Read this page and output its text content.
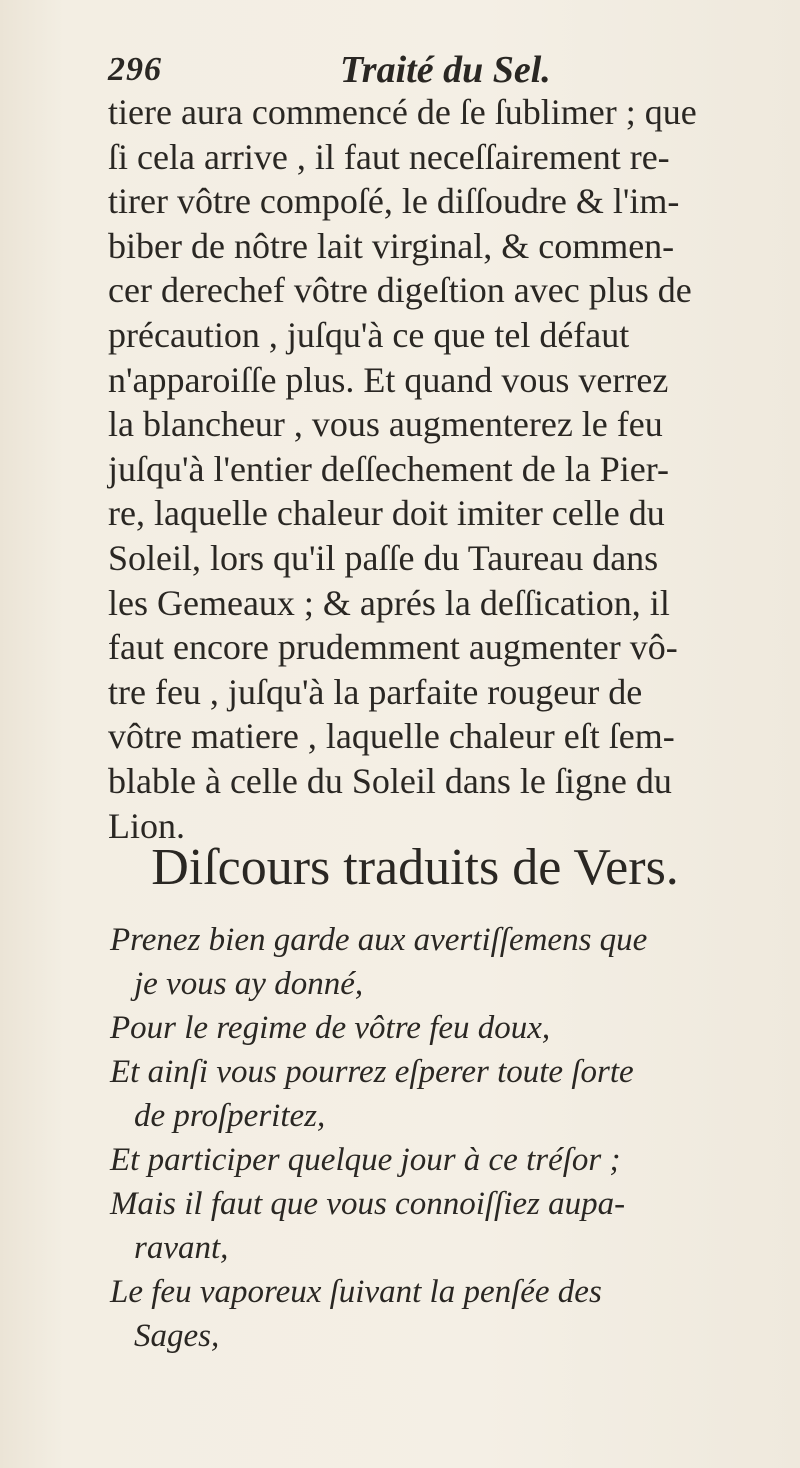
296	Traité du Sel.
tiere aura commencé de ſe ſublimer ; que
ſi cela arrive , il faut neceſſairement re-
tirer vôtre compoſé, le diſſoudre & l'im-
biber de nôtre lait virginal, & commen-
cer derechef vôtre digeſtion avec plus de
précaution , juſqu'à ce que tel défaut
n'apparoiſſe plus. Et quand vous verrez
la blancheur , vous augmenterez le feu
juſqu'à l'entier deſſechement de la Pier-
re, laquelle chaleur doit imiter celle du
Soleil, lors qu'il paſſe du Taureau dans
les Gemeaux ; & aprés la deſſication, il
faut encore prudemment augmenter vô-
tre feu , juſqu'à la parfaite rougeur de
vôtre matiere , laquelle chaleur eſt ſem-
blable à celle du Soleil dans le ſigne du
Lion.
Diſcours traduits de Vers.
Prenez bien garde aux avertiſſemens que
je vous ay donné,
Pour le regime de vôtre feu doux,
Et ainſi vous pourrez eſperer toute ſorte
de proſperitez,
Et participer quelque jour à ce tréſor ;
Mais il faut que vous connoiſſiez aupa-
ravant,
Le feu vaporeux ſuivant la penſée des
Sages,
